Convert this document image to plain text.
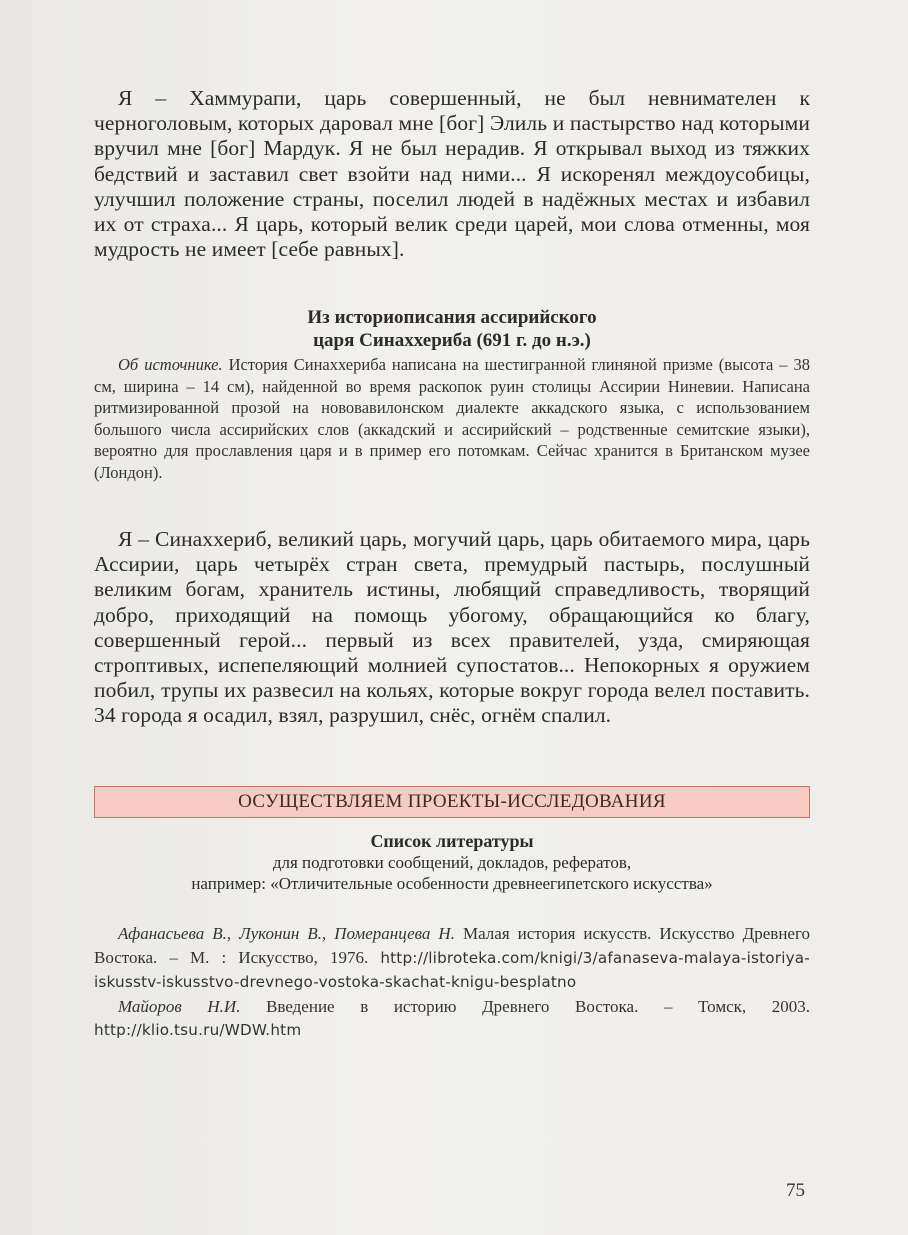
Я – Хаммурапи, царь совершенный, не был невнимателен к черноголовым, которых даровал мне [бог] Элиль и пастырство над которыми вручил мне [бог] Мардук. Я не был нерадив. Я открывал выход из тяжких бедствий и заставил свет взойти над ними... Я искоренял междоусобицы, улучшил положение страны, поселил людей в надёжных местах и избавил их от страха... Я царь, который велик среди царей, мои слова отменны, моя мудрость не имеет [себе равных].

Из историописания ассирийского

царя Синаххериба (691 г. до н.э.)

Об источнике. История Синаххериба написана на шестигранной глиняной призме (высота – 38 см, ширина – 14 см), найденной во время раскопок руин столицы Ассирии Ниневии. Написана ритмизированной прозой на нововавилонском диалекте аккадского языка, с использованием большого числа ассирийских слов (аккадский и ассирийский – родственные семитские языки), вероятно для прославления царя и в пример его потомкам. Сейчас хранится в Британском музее (Лондон).

Я – Синаххериб, великий царь, могучий царь, царь обитаемого мира, царь Ассирии, царь четырёх стран света, премудрый пастырь, послушный великим богам, хранитель истины, любящий справедливость, творящий добро, приходящий на помощь убогому, обращающийся ко благу, совершенный герой... первый из всех правителей, узда, смиряющая строптивых, испепеляющий молнией супостатов... Непокорных я оружием побил, трупы их развесил на кольях, которые вокруг города велел поставить. 34 города я осадил, взял, разрушил, снёс, огнём спалил.

ОСУЩЕСТВЛЯЕМ ПРОЕКТЫ-ИССЛЕДОВАНИЯ

Список литературы

для подготовки сообщений, докладов, рефератов,

например: «Отличительные особенности древнеегипетского искусства»

Афанасьева В., Луконин В., Померанцева Н. Малая история искусств. Искусство Древнего Востока. – М. : Искусство, 1976. http://libroteka.com/knigi/3/afanaseva-malaya-istoriya-iskusstv-iskusstvo-drevnego-vostoka-skachat-knigu-besplatno

Майоров Н.И. Введение в историю Древнего Востока. – Томск, 2003. http://klio.tsu.ru/WDW.htm

75
